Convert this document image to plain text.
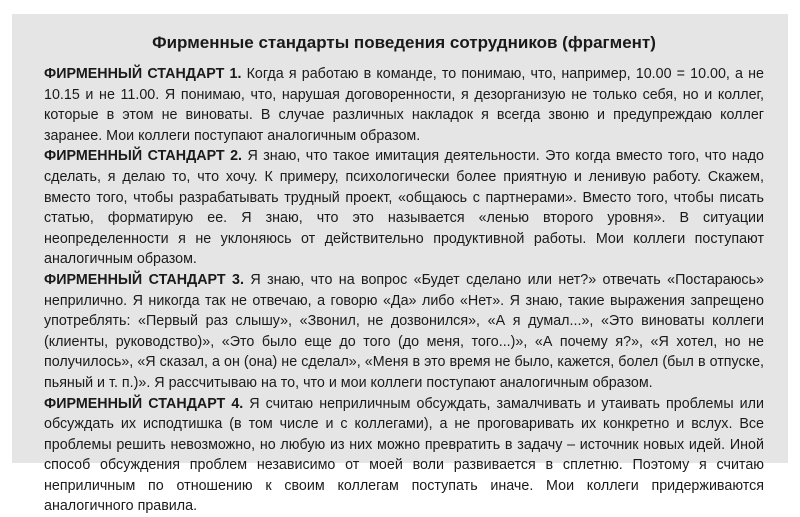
Фирменные стандарты поведения сотрудников (фрагмент)

ФИРМЕННЫЙ СТАНДАРТ 1. Когда я работаю в команде, то понимаю, что, например, 10.00 = 10.00, а не 10.15 и не 11.00. Я понимаю, что, нарушая договоренности, я дезорганизую не только себя, но и коллег, которые в этом не виноваты. В случае различных накладок я всегда звоню и предупреждаю коллег заранее. Мои коллеги поступают аналогичным образом.

ФИРМЕННЫЙ СТАНДАРТ 2. Я знаю, что такое имитация деятельности. Это когда вместо того, что надо сделать, я делаю то, что хочу. К примеру, психологически более приятную и ленивую работу. Скажем, вместо того, чтобы разрабатывать трудный проект, «общаюсь с партнерами». Вместо того, чтобы писать статью, форматирую ее. Я знаю, что это называется «ленью второго уровня». В ситуации неопределенности я не уклоняюсь от действительно продуктивной работы. Мои коллеги поступают аналогичным образом.

ФИРМЕННЫЙ СТАНДАРТ 3. Я знаю, что на вопрос «Будет сделано или нет?» отвечать «Постараюсь» неприлично. Я никогда так не отвечаю, а говорю «Да» либо «Нет». Я знаю, такие выражения запрещено употреблять: «Первый раз слышу», «Звонил, не дозвонился», «А я думал...», «Это виноваты коллеги (клиенты, руководство)», «Это было еще до того (до меня, того...)», «А почему я?», «Я хотел, но не получилось», «Я сказал, а он (она) не сделал», «Меня в это время не было, кажется, болел (был в отпуске, пьяный и т. п.)». Я рассчитываю на то, что и мои коллеги поступают аналогичным образом.

ФИРМЕННЫЙ СТАНДАРТ 4. Я считаю неприличным обсуждать, замалчивать и утаивать проблемы или обсуждать их исподтишка (в том числе и с коллегами), а не проговаривать их конкретно и вслух. Все проблемы решить невозможно, но любую из них можно превратить в задачу – источник новых идей. Иной способ обсуждения проблем независимо от моей воли развивается в сплетню. Поэтому я считаю неприличным по отношению к своим коллегам поступать иначе. Мои коллеги придерживаются аналогичного правила.
